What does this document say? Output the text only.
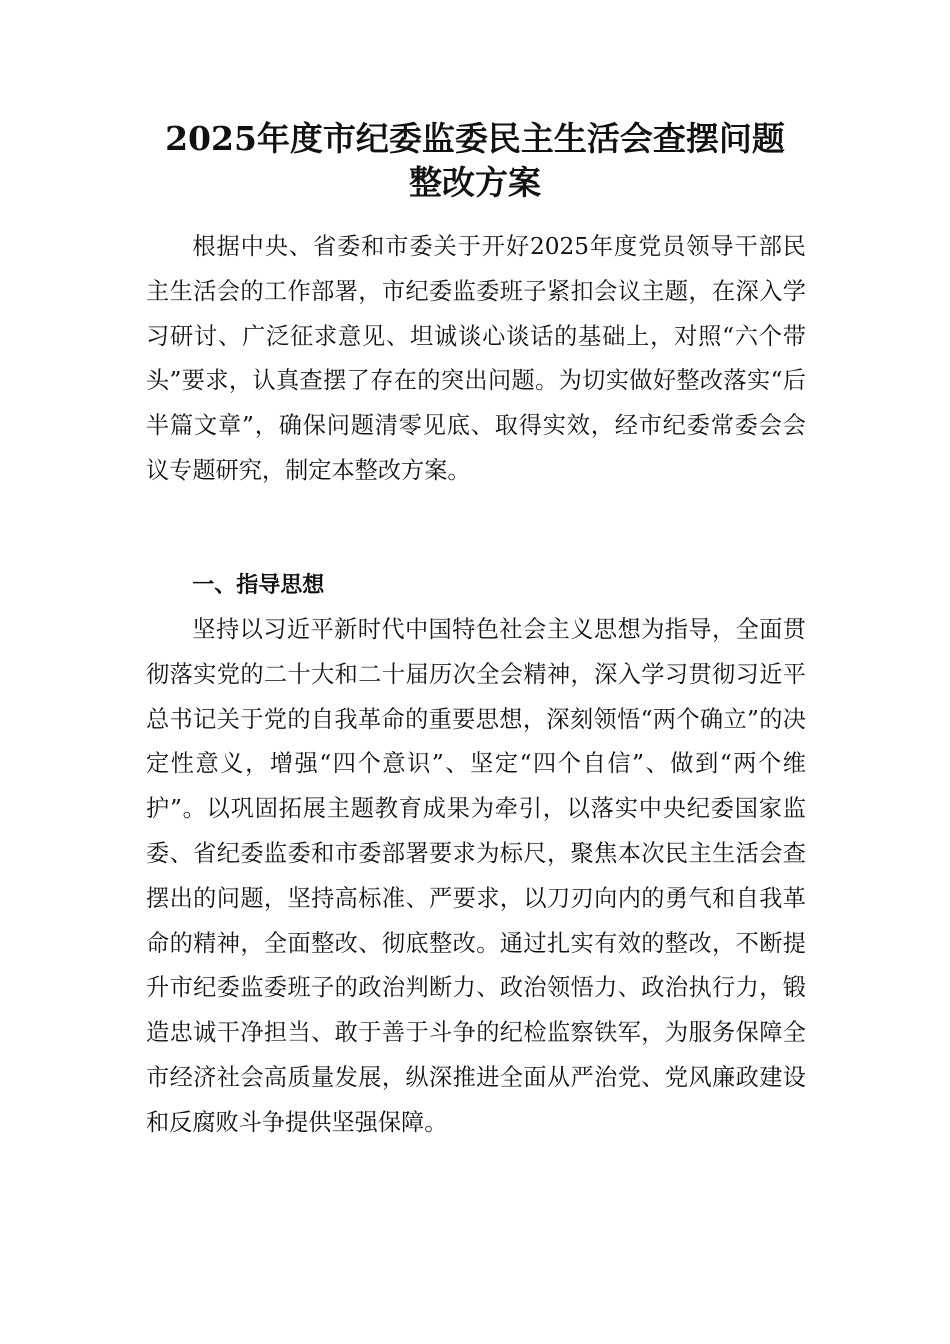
2025年度市纪委监委民主生活会查摆问题
整改方案

根据中央、省委和市委关于开好2025年度党员领导干部民主生活会的工作部署，市纪委监委班子紧扣会议主题，在深入学习研讨、广泛征求意见、坦诚谈心谈话的基础上，对照“六个带头”要求，认真查摆了存在的突出问题。为切实做好整改落实“后半篇文章”，确保问题清零见底、取得实效，经市纪委常委会会议专题研究，制定本整改方案。

一、指导思想

坚持以习近平新时代中国特色社会主义思想为指导，全面贯彻落实党的二十大和二十届历次全会精神，深入学习贯彻习近平总书记关于党的自我革命的重要思想，深刻领悟“两个确立”的决定性意义，增强“四个意识”、坚定“四个自信”、做到“两个维护”。以巩固拓展主题教育成果为牵引，以落实中央纪委国家监委、省纪委监委和市委部署要求为标尺，聚焦本次民主生活会查摆出的问题，坚持高标准、严要求，以刀刃向内的勇气和自我革命的精神，全面整改、彻底整改。通过扎实有效的整改，不断提升市纪委监委班子的政治判断力、政治领悟力、政治执行力，锻造忠诚干净担当、敢于善于斗争的纪检监察铁军，为服务保障全市经济社会高质量发展，纵深推进全面从严治党、党风廉政建设和反腐败斗争提供坚强保障。
